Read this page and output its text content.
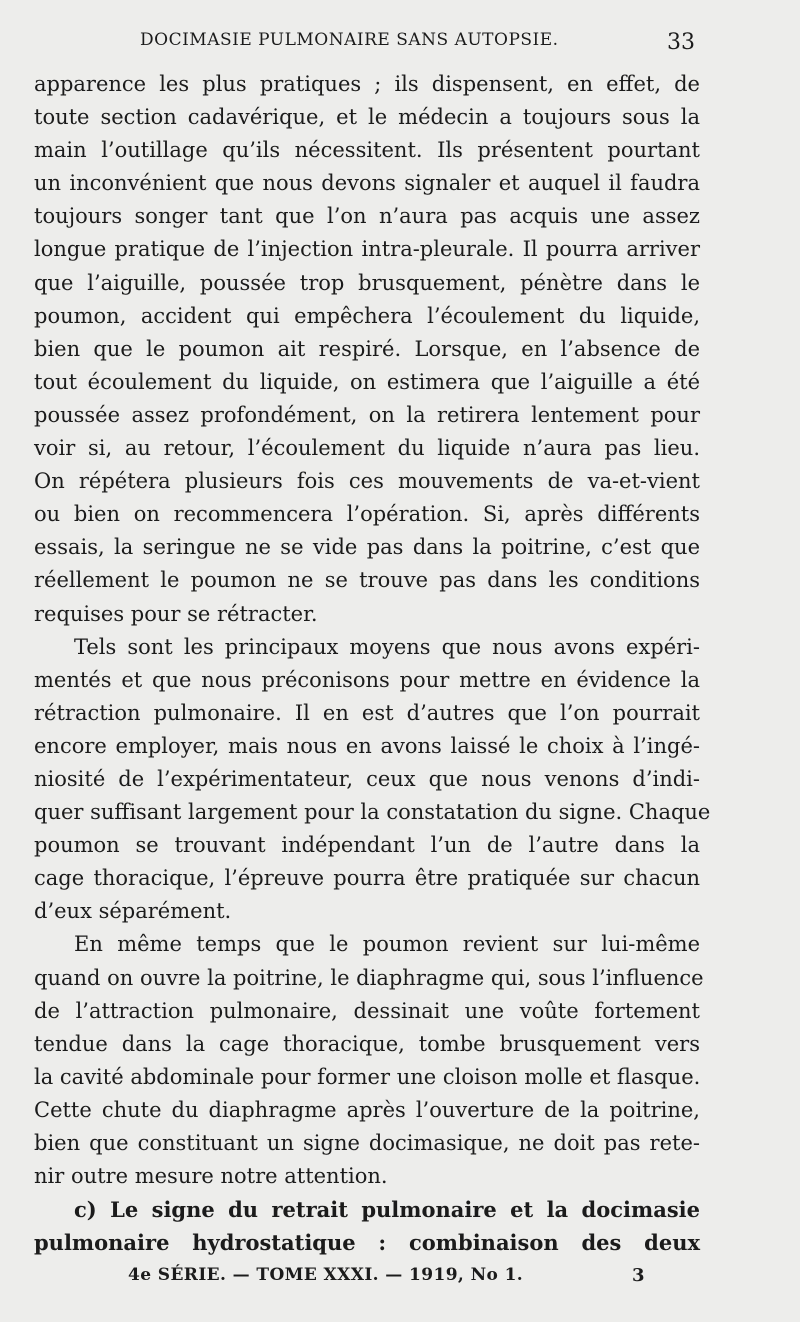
DOCIMASIE PULMONAIRE SANS AUTOPSIE.	33
apparence les plus pratiques ; ils dispensent, en effet, de
toute section cadavérique, et le médecin a toujours sous la
main l’outillage qu’ils nécessitent. Ils présentent pourtant
un inconvénient que nous devons signaler et auquel il faudra
toujours songer tant que l’on n’aura pas acquis une assez
longue pratique de l’injection intra-pleurale. Il pourra arriver
que l’aiguille, poussée trop brusquement, pénètre dans le
poumon, accident qui empêchera l’écoulement du liquide,
bien que le poumon ait respiré. Lorsque, en l’absence de
tout écoulement du liquide, on estimera que l’aiguille a été
poussée assez profondément, on la retirera lentement pour
voir si, au retour, l’écoulement du liquide n’aura pas lieu.
On répétera plusieurs fois ces mouvements de va-et-vient
ou bien on recommencera l’opération. Si, après différents
essais, la seringue ne se vide pas dans la poitrine, c’est que
réellement le poumon ne se trouve pas dans les conditions
requises pour se rétracter.
Tels sont les principaux moyens que nous avons expéri-
mentés et que nous préconisons pour mettre en évidence la
rétraction pulmonaire. Il en est d’autres que l’on pourrait
encore employer, mais nous en avons laissé le choix à l’ingé-
niosité de l’expérimentateur, ceux que nous venons d’indi-
quer suffisant largement pour la constatation du signe. Chaque
poumon se trouvant indépendant l’un de l’autre dans la
cage thoracique, l’épreuve pourra être pratiquée sur chacun
d’eux séparément.
En même temps que le poumon revient sur lui-même
quand on ouvre la poitrine, le diaphragme qui, sous l’influence
de l’attraction pulmonaire, dessinait une voûte fortement
tendue dans la cage thoracique, tombe brusquement vers
la cavité abdominale pour former une cloison molle et flasque.
Cette chute du diaphragme après l’ouverture de la poitrine,
bien que constituant un signe docimasique, ne doit pas rete-
nir outre mesure notre attention.
c) Le signe du retrait pulmonaire et la docimasie
pulmonaire hydrostatique : combinaison des deux
4e SÉRIE. — TOME XXXI. — 1919, No 1.	3
